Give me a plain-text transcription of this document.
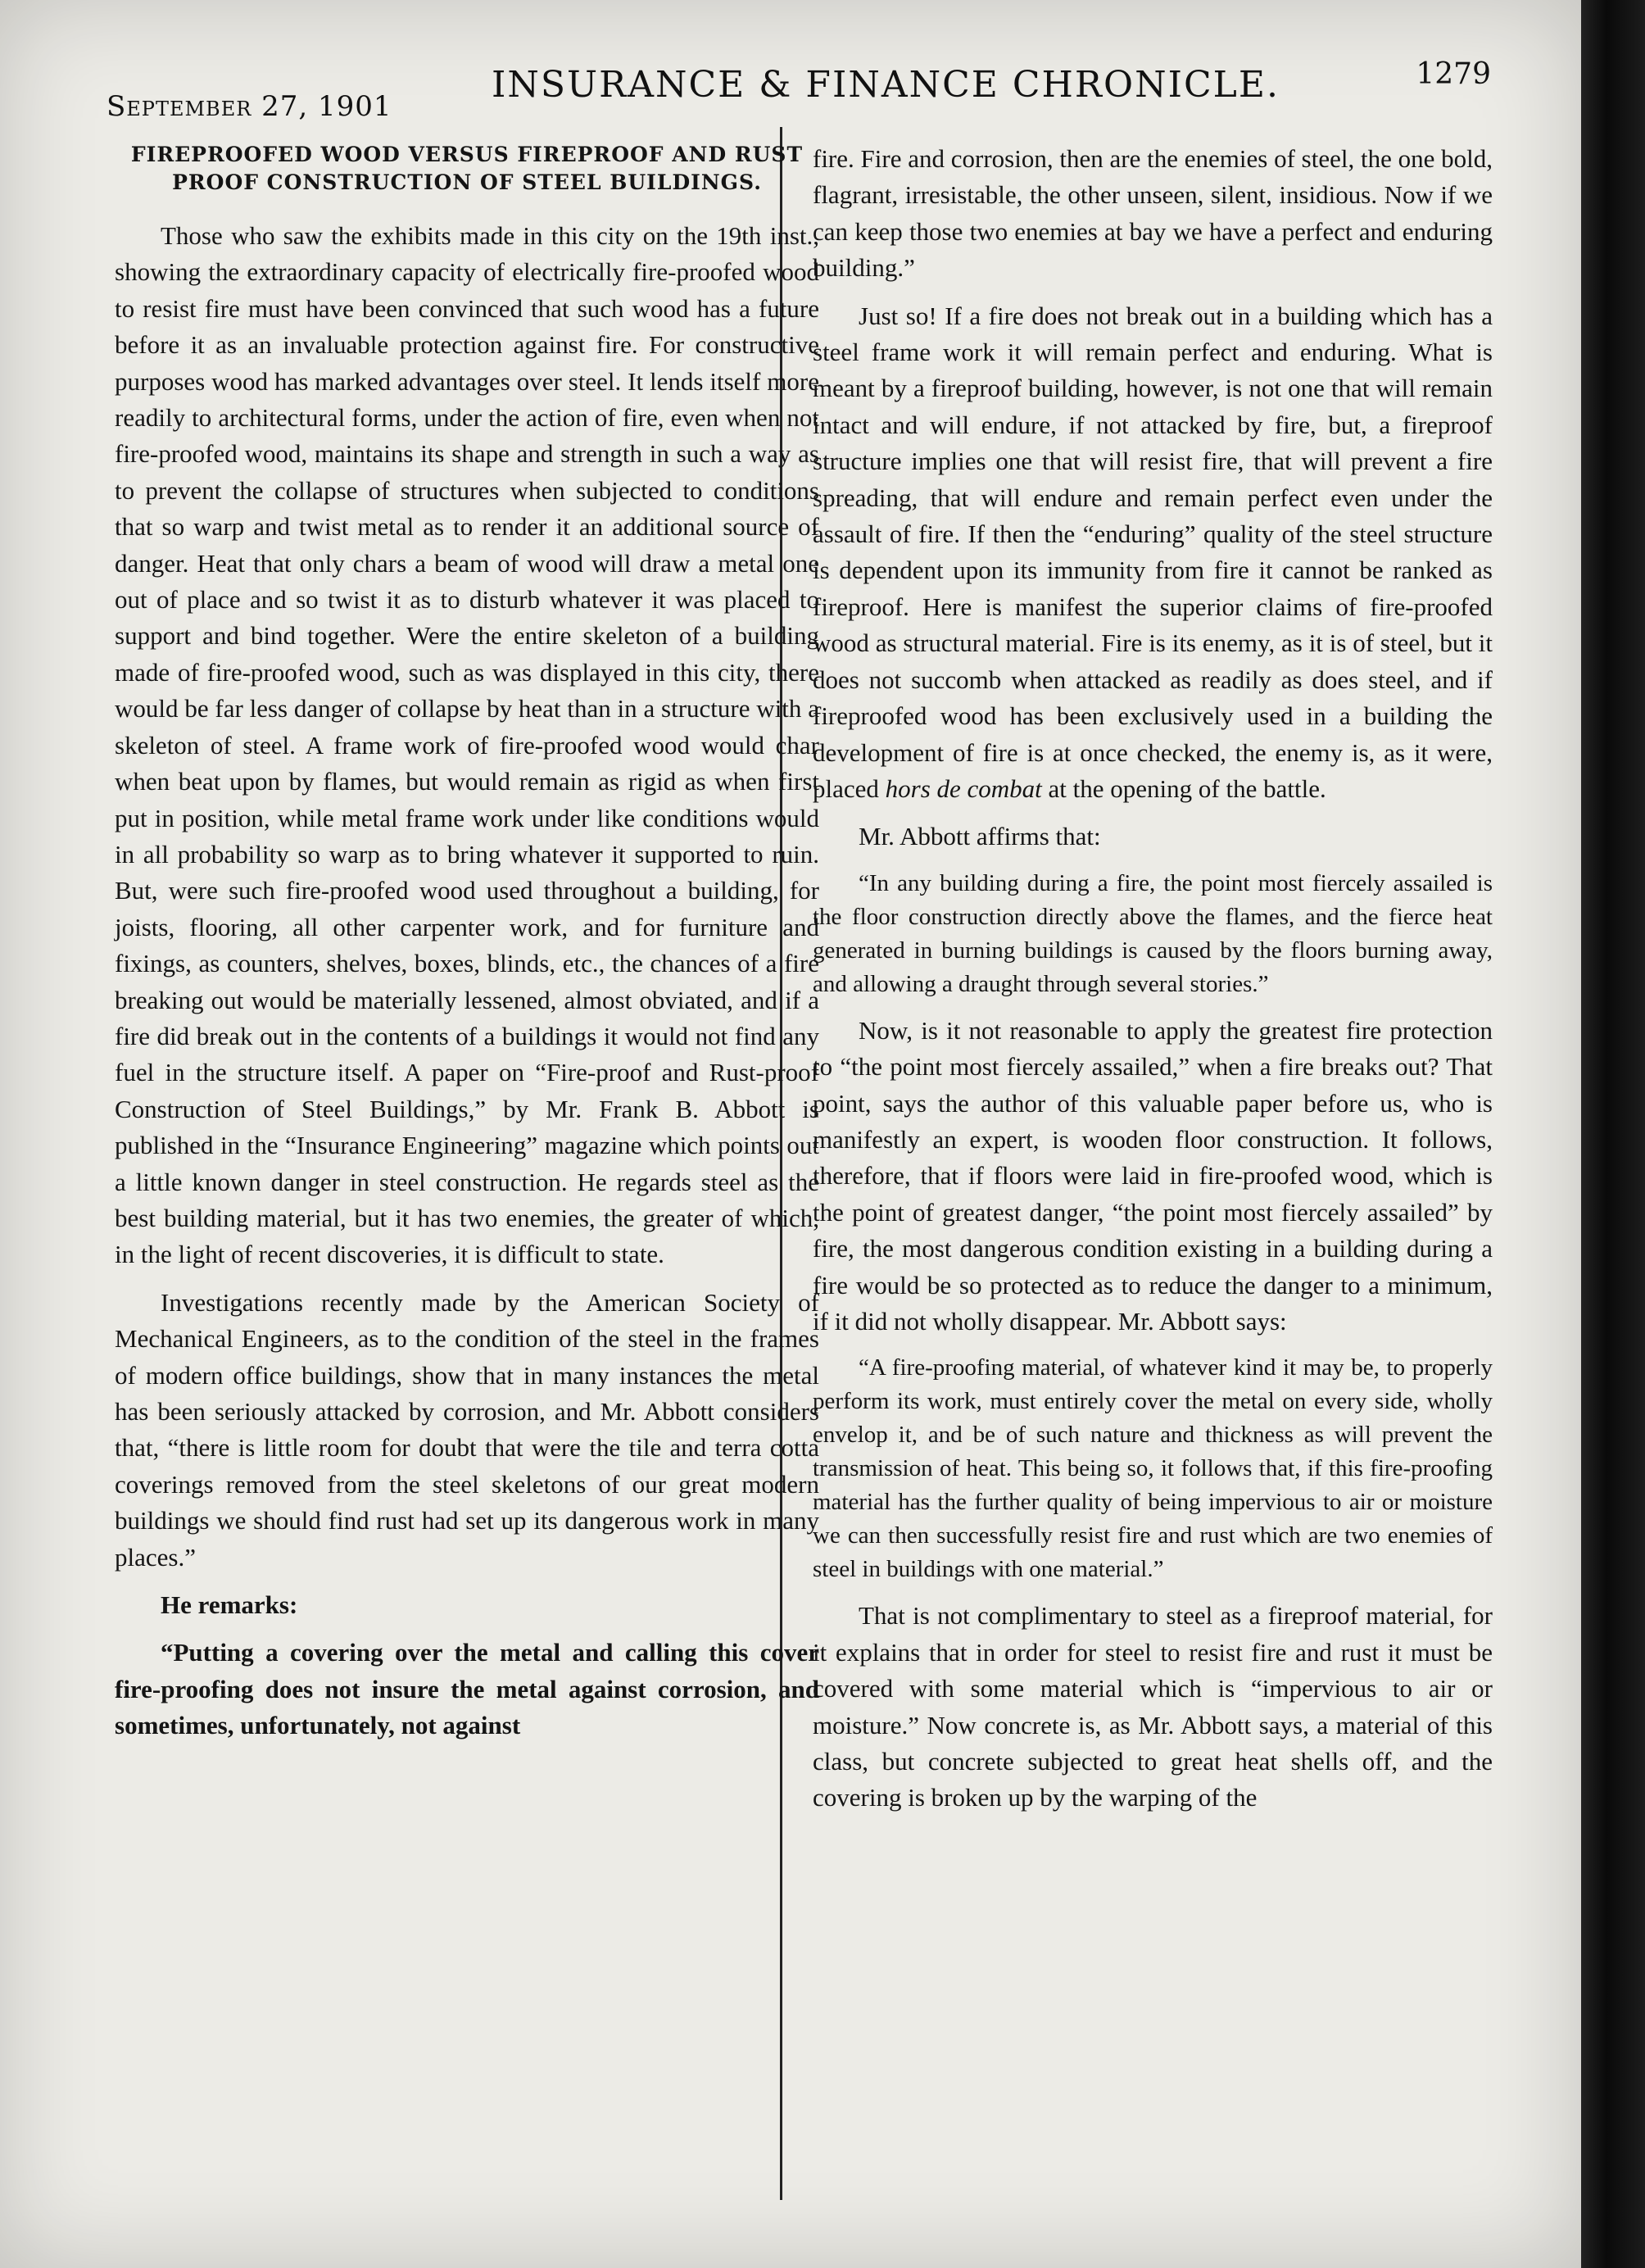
September 27, 1901
INSURANCE & FINANCE CHRONICLE.	1279
FIREPROOFED WOOD VERSUS FIREPROOF AND RUST PROOF CONSTRUCTION OF STEEL BUILDINGS.

Those who saw the exhibits made in this city on the 19th inst., showing the extraordinary capacity of electrically fire-proofed wood to resist fire must have been convinced that such wood has a future before it as an invaluable protection against fire. For constructive purposes wood has marked advantages over steel. It lends itself more readily to architectural forms, under the action of fire, even when not fire-proofed wood, maintains its shape and strength in such a way as to prevent the collapse of structures when subjected to conditions that so warp and twist metal as to render it an additional source of danger. Heat that only chars a beam of wood will draw a metal one out of place and so twist it as to disturb whatever it was placed to support and bind together. Were the entire skeleton of a building made of fire-proofed wood, such as was displayed in this city, there would be far less danger of collapse by heat than in a structure with a skeleton of steel. A frame work of fire-proofed wood would char when beat upon by flames, but would remain as rigid as when first put in position, while metal frame work under like conditions would in all probability so warp as to bring whatever it supported to ruin. But, were such fire-proofed wood used throughout a building, for joists, flooring, all other carpenter work, and for furniture and fixings, as counters, shelves, boxes, blinds, etc., the chances of a fire breaking out would be materially lessened, almost obviated, and if a fire did break out in the contents of a buildings it would not find any fuel in the structure itself. A paper on “Fire-proof and Rust-proof Construction of Steel Buildings,” by Mr. Frank B. Abbott is published in the “Insurance Engineering” magazine which points out a little known danger in steel construction. He regards steel as the best building material, but it has two enemies, the greater of which, in the light of recent discoveries, it is difficult to state.

Investigations recently made by the American Society of Mechanical Engineers, as to the condition of the steel in the frames of modern office buildings, show that in many instances the metal has been seriously attacked by corrosion, and Mr. Abbott considers that, “there is little room for doubt that were the tile and terra cotta coverings removed from the steel skeletons of our great modern buildings we should find rust had set up its dangerous work in many places.”

He remarks:

“Putting a covering over the metal and calling this cover fire-proofing does not insure the metal against corrosion, and sometimes, unfortunately, not against

fire. Fire and corrosion, then are the enemies of steel, the one bold, flagrant, irresistable, the other unseen, silent, insidious. Now if we can keep those two enemies at bay we have a perfect and enduring building.”

Just so! If a fire does not break out in a building which has a steel frame work it will remain perfect and enduring. What is meant by a fireproof building, however, is not one that will remain intact and will endure, if not attacked by fire, but, a fireproof structure implies one that will resist fire, that will prevent a fire spreading, that will endure and remain perfect even under the assault of fire. If then the “enduring” quality of the steel structure is dependent upon its immunity from fire it cannot be ranked as fireproof. Here is manifest the superior claims of fire-proofed wood as structural material. Fire is its enemy, as it is of steel, but it does not succomb when attacked as readily as does steel, and if fireproofed wood has been exclusively used in a building the development of fire is at once checked, the enemy is, as it were, placed hors de combat at the opening of the battle.

Mr. Abbott affirms that:

“In any building during a fire, the point most fiercely assailed is the floor construction directly above the flames, and the fierce heat generated in burning buildings is caused by the floors burning away, and allowing a draught through several stories.”

Now, is it not reasonable to apply the greatest fire protection to “the point most fiercely assailed,” when a fire breaks out? That point, says the author of this valuable paper before us, who is manifestly an expert, is wooden floor construction. It follows, therefore, that if floors were laid in fire-proofed wood, which is the point of greatest danger, “the point most fiercely assailed” by fire, the most dangerous condition existing in a building during a fire would be so protected as to reduce the danger to a minimum, if it did not wholly disappear. Mr. Abbott says:

“A fire-proofing material, of whatever kind it may be, to properly perform its work, must entirely cover the metal on every side, wholly envelop it, and be of such nature and thickness as will prevent the transmission of heat. This being so, it follows that, if this fire-proofing material has the further quality of being impervious to air or moisture we can then successfully resist fire and rust which are two enemies of steel in buildings with one material.”

That is not complimentary to steel as a fireproof material, for it explains that in order for steel to resist fire and rust it must be covered with some material which is “impervious to air or moisture.” Now concrete is, as Mr. Abbott says, a material of this class, but concrete subjected to great heat shells off, and the covering is broken up by the warping of the
